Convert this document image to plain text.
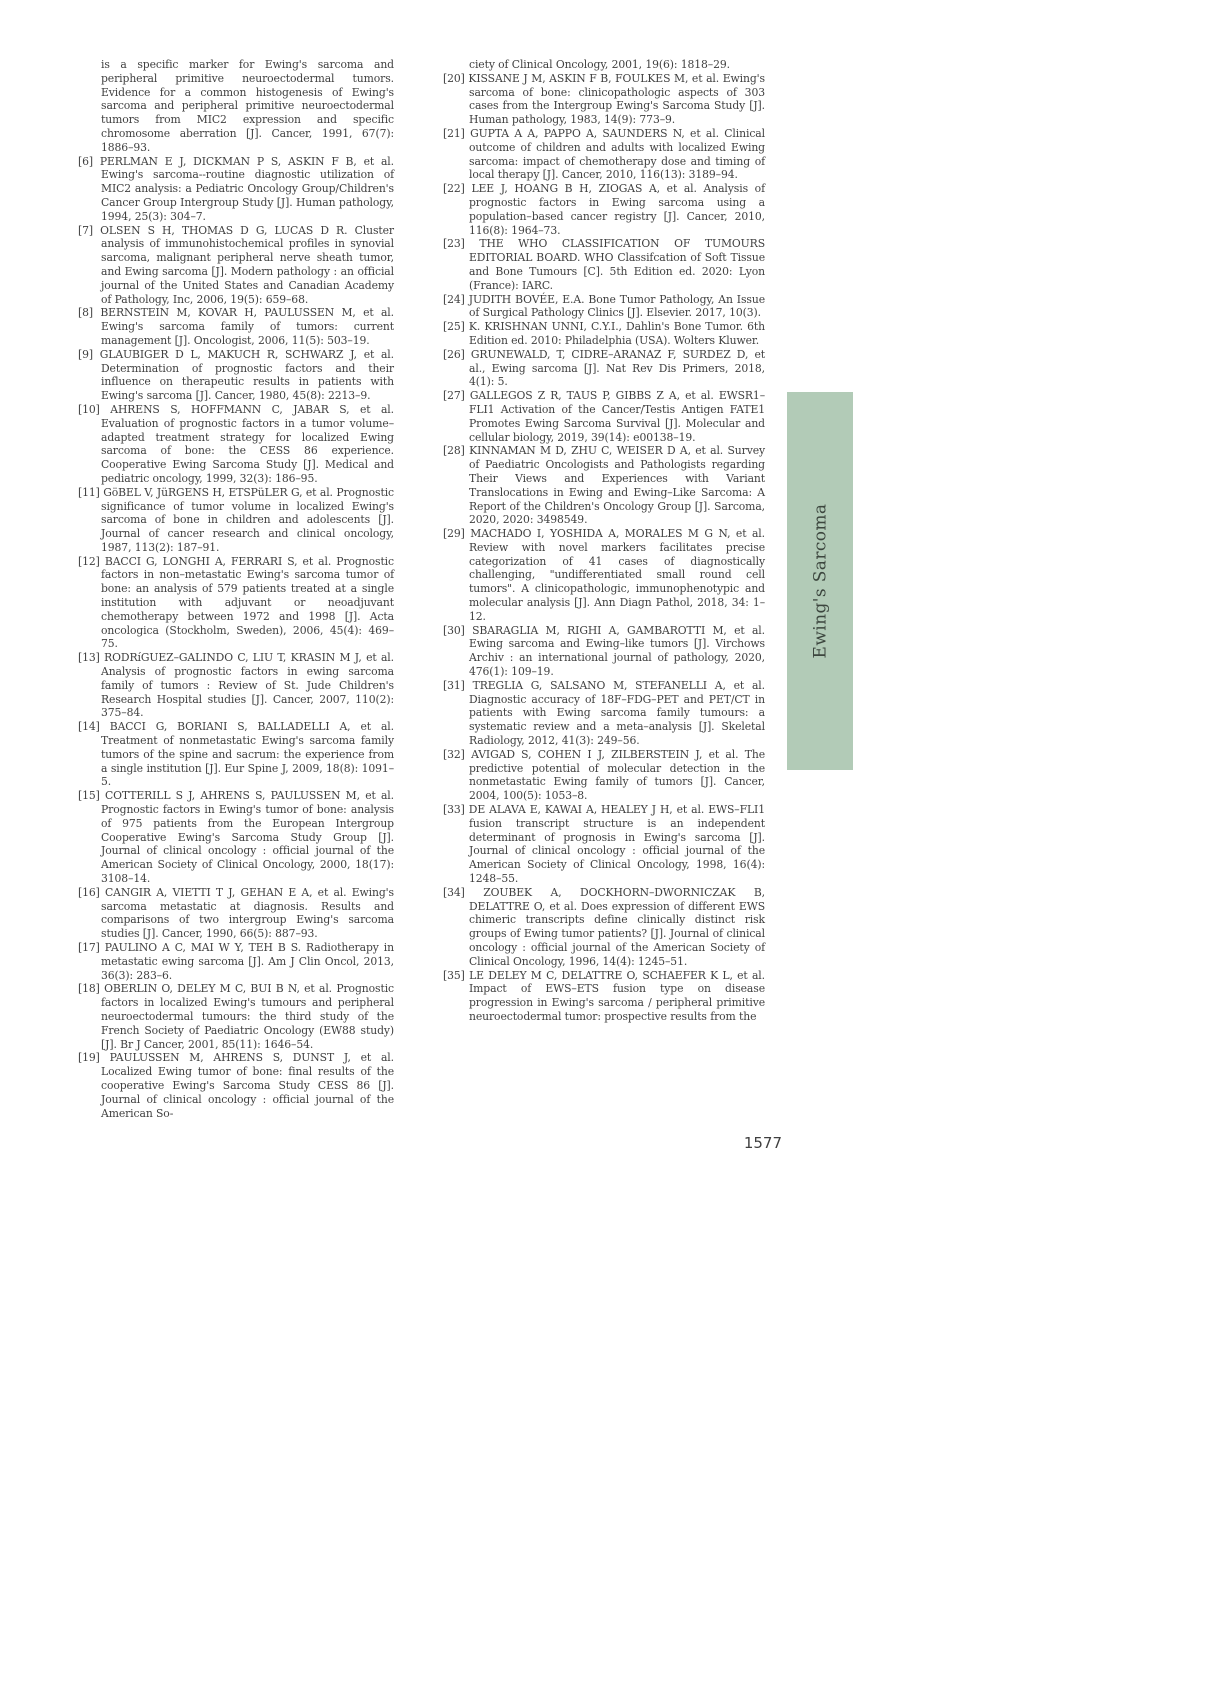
is a specific marker for Ewing's sarcoma and peripheral primitive neuroectodermal tumors. Evidence for a common histogenesis of Ewing's sarcoma and peripheral primitive neuroectodermal tumors from MIC2 expression and specific chromosome aberration [J]. Cancer, 1991, 67(7): 1886–93.

[6] PERLMAN E J, DICKMAN P S, ASKIN F B, et al. Ewing's sarcoma--routine diagnostic utilization of MIC2 analysis: a Pediatric Oncology Group/Children's Cancer Group Intergroup Study [J]. Human pathology, 1994, 25(3): 304–7.

[7] OLSEN S H, THOMAS D G, LUCAS D R. Cluster analysis of immunohistochemical profiles in synovial sarcoma, malignant peripheral nerve sheath tumor, and Ewing sarcoma [J]. Modern pathology : an official journal of the United States and Canadian Academy of Pathology, Inc, 2006, 19(5): 659–68.

[8] BERNSTEIN M, KOVAR H, PAULUSSEN M, et al. Ewing's sarcoma family of tumors: current management [J]. Oncologist, 2006, 11(5): 503–19.

[9] GLAUBIGER D L, MAKUCH R, SCHWARZ J, et al. Determination of prognostic factors and their influence on therapeutic results in patients with Ewing's sarcoma [J]. Cancer, 1980, 45(8): 2213–9.

[10] AHRENS S, HOFFMANN C, JABAR S, et al. Evaluation of prognostic factors in a tumor volume–adapted treatment strategy for localized Ewing sarcoma of bone: the CESS 86 experience. Cooperative Ewing Sarcoma Study [J]. Medical and pediatric oncology, 1999, 32(3): 186–95.

[11] GöBEL V, JüRGENS H, ETSPüLER G, et al. Prognostic significance of tumor volume in localized Ewing's sarcoma of bone in children and adolescents [J]. Journal of cancer research and clinical oncology, 1987, 113(2): 187–91.

[12] BACCI G, LONGHI A, FERRARI S, et al. Prognostic factors in non–metastatic Ewing's sarcoma tumor of bone: an analysis of 579 patients treated at a single institution with adjuvant or neoadjuvant chemotherapy between 1972 and 1998 [J]. Acta oncologica (Stockholm, Sweden), 2006, 45(4): 469–75.

[13] RODRíGUEZ–GALINDO C, LIU T, KRASIN M J, et al. Analysis of prognostic factors in ewing sarcoma family of tumors : Review of St. Jude Children's Research Hospital studies [J]. Cancer, 2007, 110(2): 375–84.

[14] BACCI G, BORIANI S, BALLADELLI A, et al. Treatment of nonmetastatic Ewing's sarcoma family tumors of the spine and sacrum: the experience from a single institution [J]. Eur Spine J, 2009, 18(8): 1091–5.

[15] COTTERILL S J, AHRENS S, PAULUSSEN M, et al. Prognostic factors in Ewing's tumor of bone: analysis of 975 patients from the European Intergroup Cooperative Ewing's Sarcoma Study Group [J]. Journal of clinical oncology : official journal of the American Society of Clinical Oncology, 2000, 18(17): 3108–14.

[16] CANGIR A, VIETTI T J, GEHAN E A, et al. Ewing's sarcoma metastatic at diagnosis. Results and comparisons of two intergroup Ewing's sarcoma studies [J]. Cancer, 1990, 66(5): 887–93.

[17] PAULINO A C, MAI W Y, TEH B S. Radiotherapy in metastatic ewing sarcoma [J]. Am J Clin Oncol, 2013, 36(3): 283–6.

[18] OBERLIN O, DELEY M C, BUI B N, et al. Prognostic factors in localized Ewing's tumours and peripheral neuroectodermal tumours: the third study of the French Society of Paediatric Oncology (EW88 study) [J]. Br J Cancer, 2001, 85(11): 1646–54.

[19] PAULUSSEN M, AHRENS S, DUNST J, et al. Localized Ewing tumor of bone: final results of the cooperative Ewing's Sarcoma Study CESS 86 [J]. Journal of clinical oncology : official journal of the American So-

ciety of Clinical Oncology, 2001, 19(6): 1818–29.

[20] KISSANE J M, ASKIN F B, FOULKES M, et al. Ewing's sarcoma of bone: clinicopathologic aspects of 303 cases from the Intergroup Ewing's Sarcoma Study [J]. Human pathology, 1983, 14(9): 773–9.

[21] GUPTA A A, PAPPO A, SAUNDERS N, et al. Clinical outcome of children and adults with localized Ewing sarcoma: impact of chemotherapy dose and timing of local therapy [J]. Cancer, 2010, 116(13): 3189–94.

[22] LEE J, HOANG B H, ZIOGAS A, et al. Analysis of prognostic factors in Ewing sarcoma using a population–based cancer registry [J]. Cancer, 2010, 116(8): 1964–73.

[23] THE WHO CLASSIFICATION OF TUMOURS EDITORIAL BOARD. WHO Classifcation of Soft Tissue and Bone Tumours [C]. 5th Edition ed. 2020: Lyon (France): IARC.

[24] JUDITH BOVÉE, E.A. Bone Tumor Pathology, An Issue of Surgical Pathology Clinics [J]. Elsevier. 2017, 10(3).

[25] K. KRISHNAN UNNI, C.Y.I., Dahlin's Bone Tumor. 6th Edition ed. 2010: Philadelphia (USA). Wolters Kluwer.

[26] GRUNEWALD, T, CIDRE–ARANAZ F, SURDEZ D, et al., Ewing sarcoma [J]. Nat Rev Dis Primers, 2018, 4(1): 5.

[27] GALLEGOS Z R, TAUS P, GIBBS Z A, et al. EWSR1–FLI1 Activation of the Cancer/Testis Antigen FATE1 Promotes Ewing Sarcoma Survival [J]. Molecular and cellular biology, 2019, 39(14): e00138–19.

[28] KINNAMAN M D, ZHU C, WEISER D A, et al. Survey of Paediatric Oncologists and Pathologists regarding Their Views and Experiences with Variant Translocations in Ewing and Ewing–Like Sarcoma: A Report of the Children's Oncology Group [J]. Sarcoma, 2020, 2020: 3498549.

[29] MACHADO I, YOSHIDA A, MORALES M G N, et al. Review with novel markers facilitates precise categorization of 41 cases of diagnostically challenging, "undifferentiated small round cell tumors". A clinicopathologic, immunophenotypic and molecular analysis [J]. Ann Diagn Pathol, 2018, 34: 1–12.

[30] SBARAGLIA M, RIGHI A, GAMBAROTTI M, et al. Ewing sarcoma and Ewing–like tumors [J]. Virchows Archiv : an international journal of pathology, 2020, 476(1): 109–19.

[31] TREGLIA G, SALSANO M, STEFANELLI A, et al. Diagnostic accuracy of 18F–FDG–PET and PET/CT in patients with Ewing sarcoma family tumours: a systematic review and a meta–analysis [J]. Skeletal Radiology, 2012, 41(3): 249–56.

[32] AVIGAD S, COHEN I J, ZILBERSTEIN J, et al. The predictive potential of molecular detection in the nonmetastatic Ewing family of tumors [J]. Cancer, 2004, 100(5): 1053–8.

[33] DE ALAVA E, KAWAI A, HEALEY J H, et al. EWS–FLI1 fusion transcript structure is an independent determinant of prognosis in Ewing's sarcoma [J]. Journal of clinical oncology : official journal of the American Society of Clinical Oncology, 1998, 16(4): 1248–55.

[34] ZOUBEK A, DOCKHORN–DWORNICZAK B, DELATTRE O, et al. Does expression of different EWS chimeric transcripts define clinically distinct risk groups of Ewing tumor patients? [J]. Journal of clinical oncology : official journal of the American Society of Clinical Oncology, 1996, 14(4): 1245–51.

[35] LE DELEY M C, DELATTRE O, SCHAEFER K L, et al. Impact of EWS–ETS fusion type on disease progression in Ewing's sarcoma / peripheral primitive neuroectodermal tumor: prospective results from the

Ewing's Sarcoma
1577
